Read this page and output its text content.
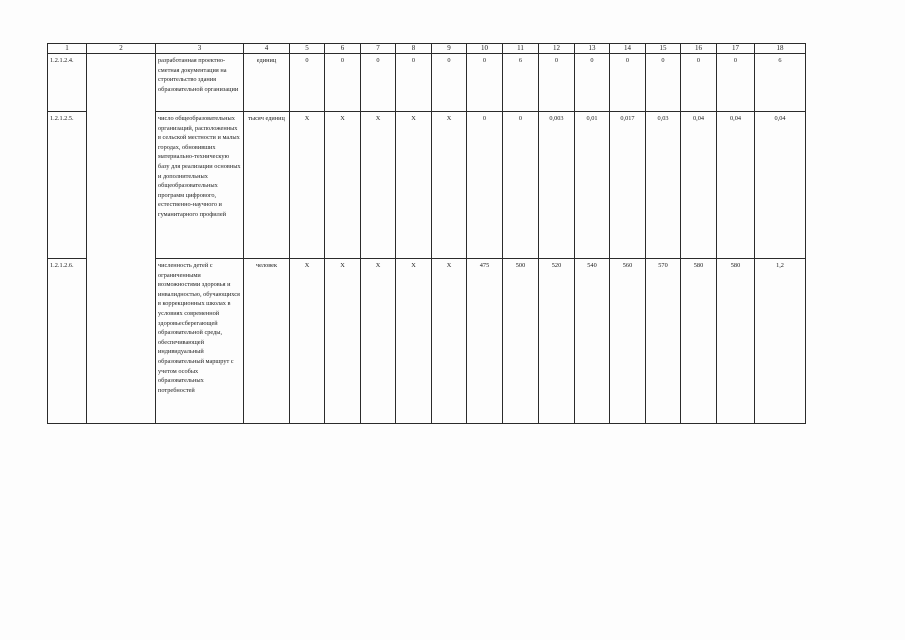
1	2	3	4	5	6	7	8	9	10	11	12	13	14	15	16	17	18
1.2.1.2.4.		разработанная проектно-сметная документация на строительство здания образовательной организации	единиц	0	0	0	0	0	0	6	0	0	0	0	0	0	6
1.2.1.2.5.		число общеобразовательных организаций, расположенных в сельской местности и малых городах, обновивших материально-техническую базу для реализации основных и дополнительных общеобразовательных программ цифрового, естественно-научного и гуманитарного профилей	тысяч единиц	X	X	X	X	X	0	0	0,003	0,01	0,017	0,03	0,04	0,04	0,04
1.2.1.2.6.		численность детей с ограниченными возможностями здоровья и инвалидностью, обучающихся в коррекционных школах в условиях современной здоровьесберегающей образовательной среды, обеспечивающей индивидуальный образовательный маршрут с учетом особых образовательных потребностей	человек	X	X	X	X	X	475	500	520	540	560	570	580	580	1,2
